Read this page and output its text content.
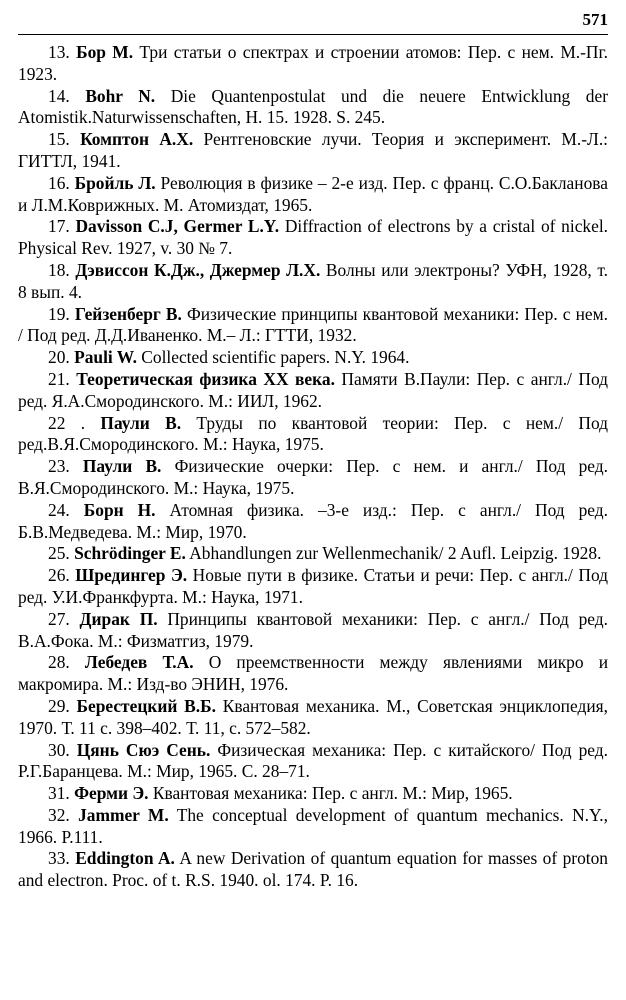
571

13. Бор М. Три статьи о спектрах и строении атомов: Пер. с нем. М.-Пг. 1923.

14. Bohr N. Die Quantenpostulat und die neuere Entwicklung der Atomistik.Naturwissenschaften, H. 15. 1928. S. 245.

15. Комптон А.Х. Рентгеновские лучи. Теория и эксперимент. М.-Л.: ГИТТЛ, 1941.

16. Бройль Л. Революция в физике – 2-е изд. Пер. с франц. С.О.Бакланова и Л.М.Коврижных. М. Атомиздат, 1965.

17. Davisson C.J, Germer L.Y. Diffraction of electrons by a cristal of nickel. Physical Rev. 1927, v. 30 № 7.

18. Дэвиссон К.Дж., Джермер Л.Х. Волны или электроны? УФН, 1928, т. 8 вып. 4.

19. Гейзенберг В. Физические принципы квантовой механики: Пер. с нем. / Под ред. Д.Д.Иваненко. М.– Л.: ГТТИ, 1932.

20. Pauli W. Collected scientific papers. N.Y. 1964.

21. Теоретическая физика XX века. Памяти В.Паули: Пер. с англ./ Под ред. Я.А.Смородинского. М.: ИИЛ, 1962.

22 . Паули В. Труды по квантовой теории: Пер. с нем./ Под ред.В.Я.Смородинского. М.: Наука, 1975.

23. Паули В. Физические очерки: Пер. с нем. и англ./ Под ред. В.Я.Смородинского. М.: Наука, 1975.

24. Борн Н. Атомная физика. –3-е изд.: Пер. с англ./ Под ред. Б.В.Медведева. М.: Мир, 1970.

25. Schrödinger E. Abhandlungen zur Wellenmechanik/ 2 Aufl. Leipzig. 1928.

26. Шредингер Э. Новые пути в физике. Статьи и речи: Пер. с англ./ Под ред. У.И.Франкфурта. М.: Наука, 1971.

27. Дирак П. Принципы квантовой механики: Пер. с англ./ Под ред. В.А.Фока. М.: Физматгиз, 1979.

28. Лебедев Т.А. О преемственности между явлениями микро и макромира. М.: Изд-во ЭНИН, 1976.

29. Берестецкий В.Б. Квантовая механика. М., Советская энциклопедия, 1970. Т. 11 с. 398–402. Т. 11, с. 572–582.

30. Цянь Сюэ Сень. Физическая механика: Пер. с китайского/ Под ред. Р.Г.Баранцева. М.: Мир, 1965. С. 28–71.

31. Ферми Э. Квантовая механика: Пер. с англ. М.: Мир, 1965.

32. Jammer M. The conceptual development of quantum mechanics. N.Y., 1966. P.111.

33. Eddington A. A new Derivation of quantum equation for masses of proton and electron. Proc. of t. R.S. 1940. ol. 174. P. 16.
